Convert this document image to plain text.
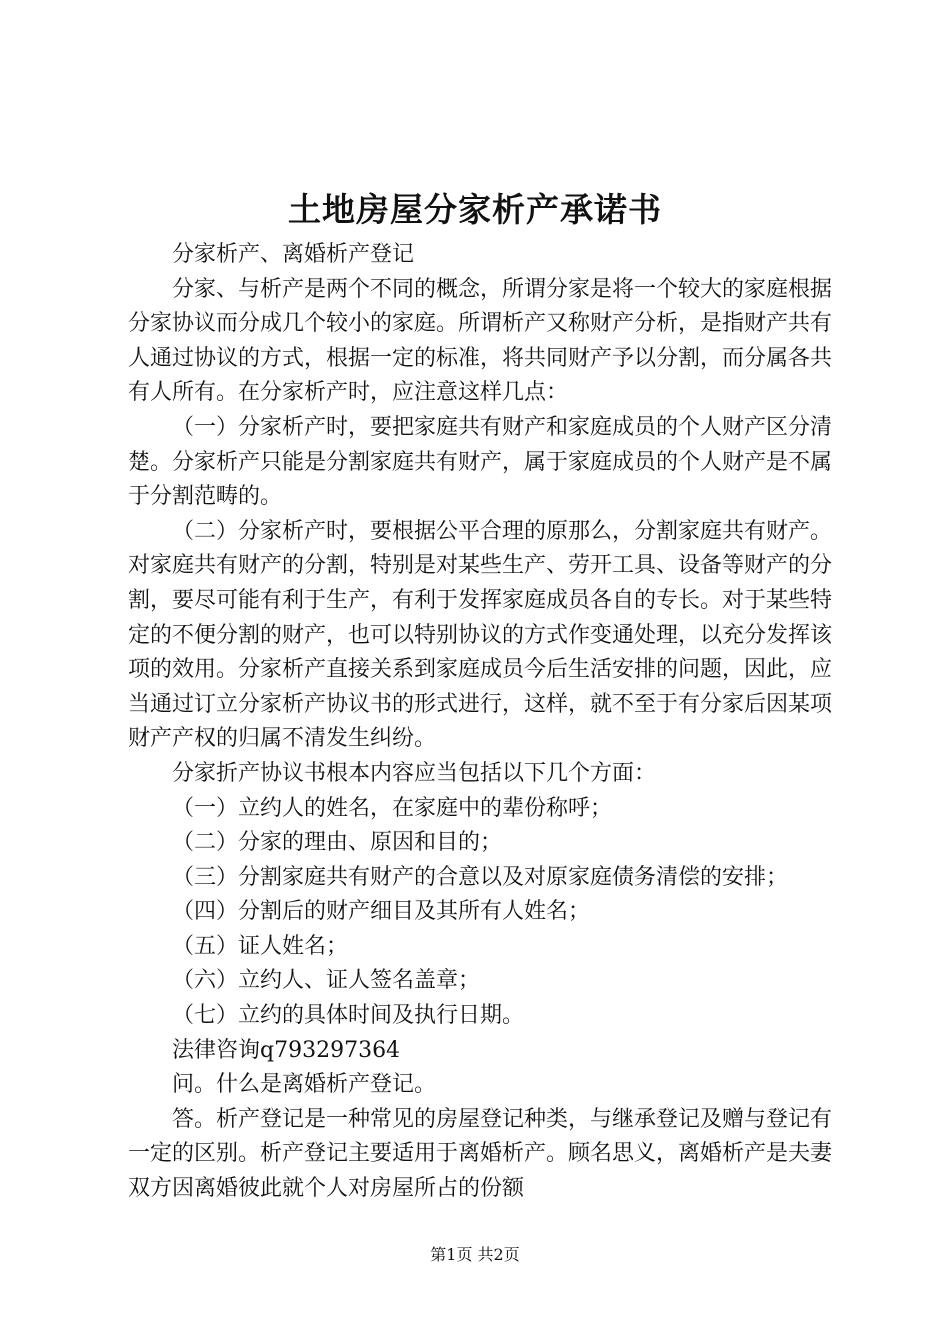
土地房屋分家析产承诺书

分家析产、离婚析产登记

分家、与析产是两个不同的概念，所谓分家是将一个较大的家庭根据分家协议而分成几个较小的家庭。所谓析产又称财产分析，是指财产共有人通过协议的方式，根据一定的标准，将共同财产予以分割，而分属各共有人所有。在分家析产时，应注意这样几点：

（一）分家析产时，要把家庭共有财产和家庭成员的个人财产区分清楚。分家析产只能是分割家庭共有财产，属于家庭成员的个人财产是不属于分割范畴的。

（二）分家析产时，要根据公平合理的原那么，分割家庭共有财产。对家庭共有财产的分割，特别是对某些生产、劳开工具、设备等财产的分割，要尽可能有利于生产，有利于发挥家庭成员各自的专长。对于某些特定的不便分割的财产，也可以特别协议的方式作变通处理，以充分发挥该项的效用。分家析产直接关系到家庭成员今后生活安排的问题，因此，应当通过订立分家析产协议书的形式进行，这样，就不至于有分家后因某项财产产权的归属不清发生纠纷。

分家折产协议书根本内容应当包括以下几个方面：

（一）立约人的姓名，在家庭中的辈份称呼；

（二）分家的理由、原因和目的；

（三）分割家庭共有财产的合意以及对原家庭债务清偿的安排；

（四）分割后的财产细目及其所有人姓名；

（五）证人姓名；

（六）立约人、证人签名盖章；

（七）立约的具体时间及执行日期。

法律咨询q793297364

问。什么是离婚析产登记。

答。析产登记是一种常见的房屋登记种类，与继承登记及赠与登记有一定的区别。析产登记主要适用于离婚析产。顾名思义，离婚析产是夫妻双方因离婚彼此就个人对房屋所占的份额

第1页 共2页
